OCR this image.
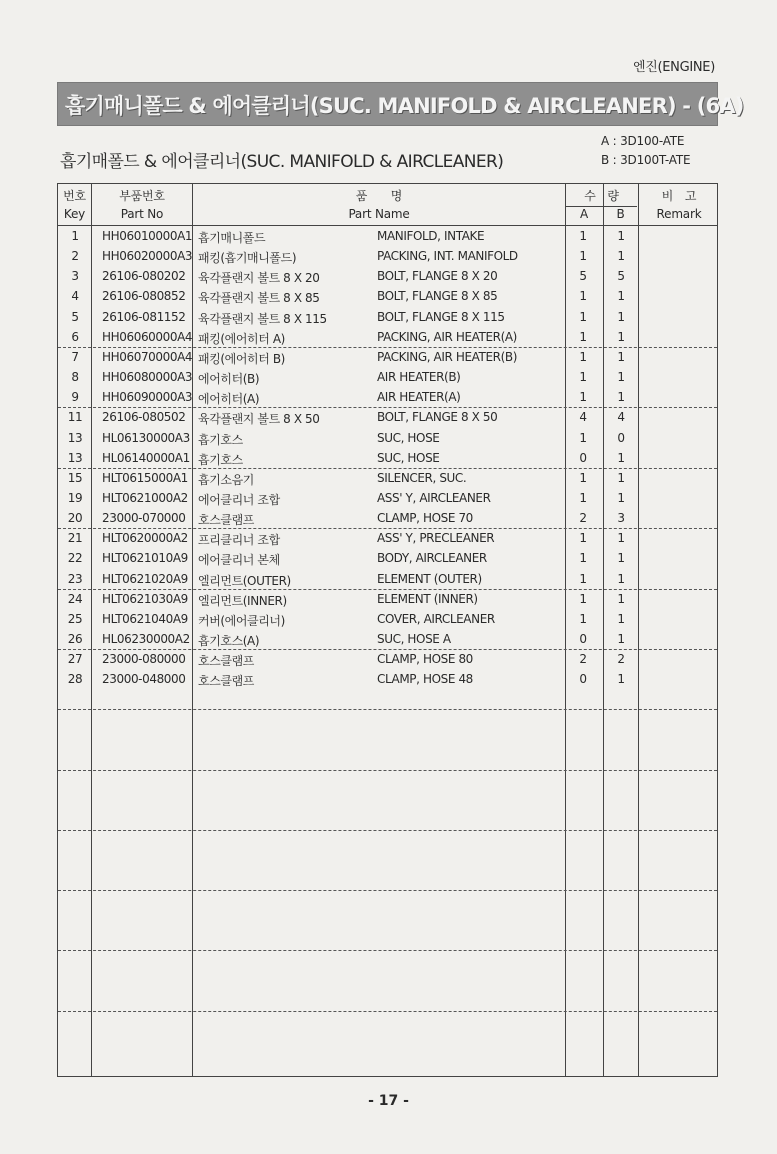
엔진(ENGINE)
흡기매니폴드 & 에어클리너(SUC. MANIFOLD & AIRCLEANER) - (6A)
흡기매폴드 & 에어클리너(SUC. MANIFOLD & AIRCLEANER)
A : 3D100-ATE
B : 3D100T-ATE
번호
Key
부품번호
Part No
품　　명
Part Name
수　량
A	B
비　고
Remark
1	HH06010000A1 흡기매니폴드	MANIFOLD, INTAKE	1	1
2	HH06020000A3 패킹(흡기매니폴드)	PACKING, INT. MANIFOLD	1	1
3	26106-080202 육각플랜지 볼트 8 X 20	BOLT, FLANGE 8 X 20	5	5
4	26106-080852 육각플랜지 볼트 8 X 85	BOLT, FLANGE 8 X 85	1	1
5	26106-081152 육각플랜지 볼트 8 X 115	BOLT, FLANGE 8 X 115	1	1
6	HH06060000A4 패킹(에어히터 A)	PACKING, AIR HEATER(A)	1	1
7	HH06070000A4 패킹(에어히터 B)	PACKING, AIR HEATER(B)	1	1
8	HH06080000A3 에어히터(B)	AIR HEATER(B)	1	1
9	HH06090000A3 에어히터(A)	AIR HEATER(A)	1	1
11	26106-080502 육각플랜지 볼트 8 X 50	BOLT, FLANGE 8 X 50	4	4
13	HL06130000A3 흡기호스	SUC, HOSE	1	0
13	HL06140000A1 흡기호스	SUC, HOSE	0	1
15	HLT0615000A1 흡기소음기	SILENCER, SUC.	1	1
19	HLT0621000A2 에어클리너 조합	ASS' Y, AIRCLEANER	1	1
20	23000-070000 호스클램프	CLAMP, HOSE 70	2	3
21	HLT0620000A2 프리클리너 조합	ASS' Y, PRECLEANER	1	1
22	HLT0621010A9 에어클리너 본체	BODY, AIRCLEANER	1	1
23	HLT0621020A9 엘리먼트(OUTER)	ELEMENT (OUTER)	1	1
24	HLT0621030A9 엘리먼트(INNER)	ELEMENT (INNER)	1	1
25	HLT0621040A9 커버(에어클리너)	COVER, AIRCLEANER	1	1
26	HL06230000A2 흡기호스(A)	SUC, HOSE A	0	1
27	23000-080000 호스클램프	CLAMP, HOSE 80	2	2
28	23000-048000 호스클램프	CLAMP, HOSE 48	0	1
- 17 -
